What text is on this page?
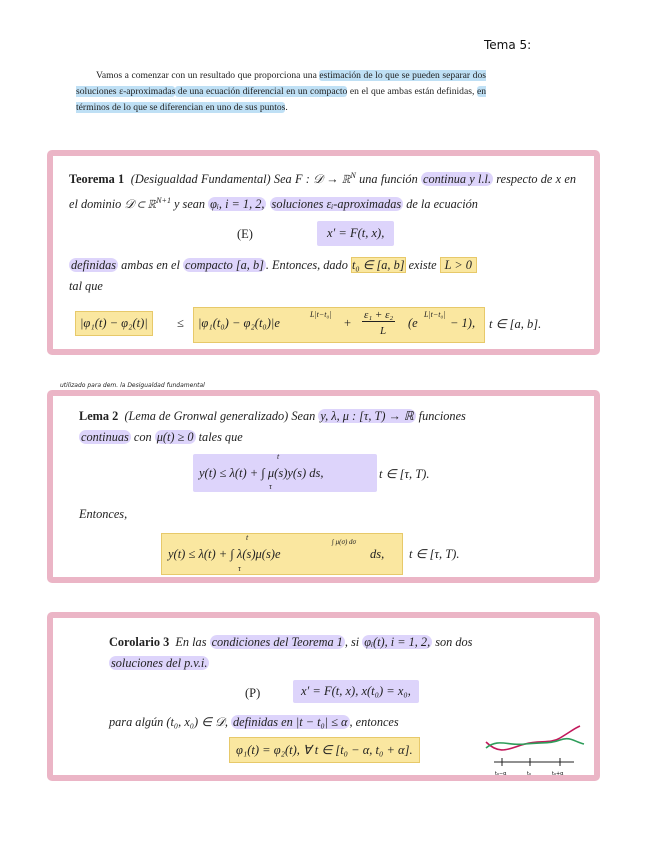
Tema 5:

Vamos a comenzar con un resultado que proporciona una estimación de lo que se pueden separar dos soluciones ε-aproximadas de una ecuación diferencial en un compacto en el que ambas están definidas, en términos de lo que se diferencian en uno de sus puntos.

Teorema 1 (Desigualdad Fundamental) Sea F : 𝒟 → ℝ$^N$ una función continua y l.l. respecto de x en el dominio 𝒟 ⊂ ℝ$^{N+1}$ y sean φᵢ, i = 1, 2, soluciones εᵢ-aproximadas de la ecuación
(E)	x′ = F(t, x),
definidas ambas en el compacto [a, b] . Entonces, dado t₀ ∈ [a, b] existe L > 0
tal que
|φ₁(t) − φ₂(t)|	≤ |φ₁(t₀) − φ₂(t₀)|e
L|t−t₀|
+
ε₁ + ε₂
L
(e
L|t−t₀|
− 1), t ∈ [a, b].
utilizado para dem. la Desigualdad fundamental
Lema 2 (Lema de Gronwal generalizado) Sean y, λ, μ : [τ, T) → ℝ funciones
continuas con μ(t) ≥ 0 tales que
y(t) ≤ λ(t) + ∫ μ(s)y(s) ds,
t
τ
t ∈ [τ, T).
Entonces,
y(t) ≤ λ(t) + ∫ λ(s)μ(s)e
t
τ
∫ μ(σ) dσ
ds, t ∈ [τ, T).
Corolario 3 En las condiciones del Teorema 1 , si φᵢ(t), i = 1, 2, son dos
soluciones del p.v.i.
(P)	x′ = F(t, x), x(t₀) = x₀,
para algún (t₀, x₀) ∈ 𝒟, definidas en |t − t₀| ≤ α , entonces
φ₁(t) = φ₂(t), ∀ t ∈ [t₀ − α, t₀ + α].
t₀−α	t₀	t₀+α
